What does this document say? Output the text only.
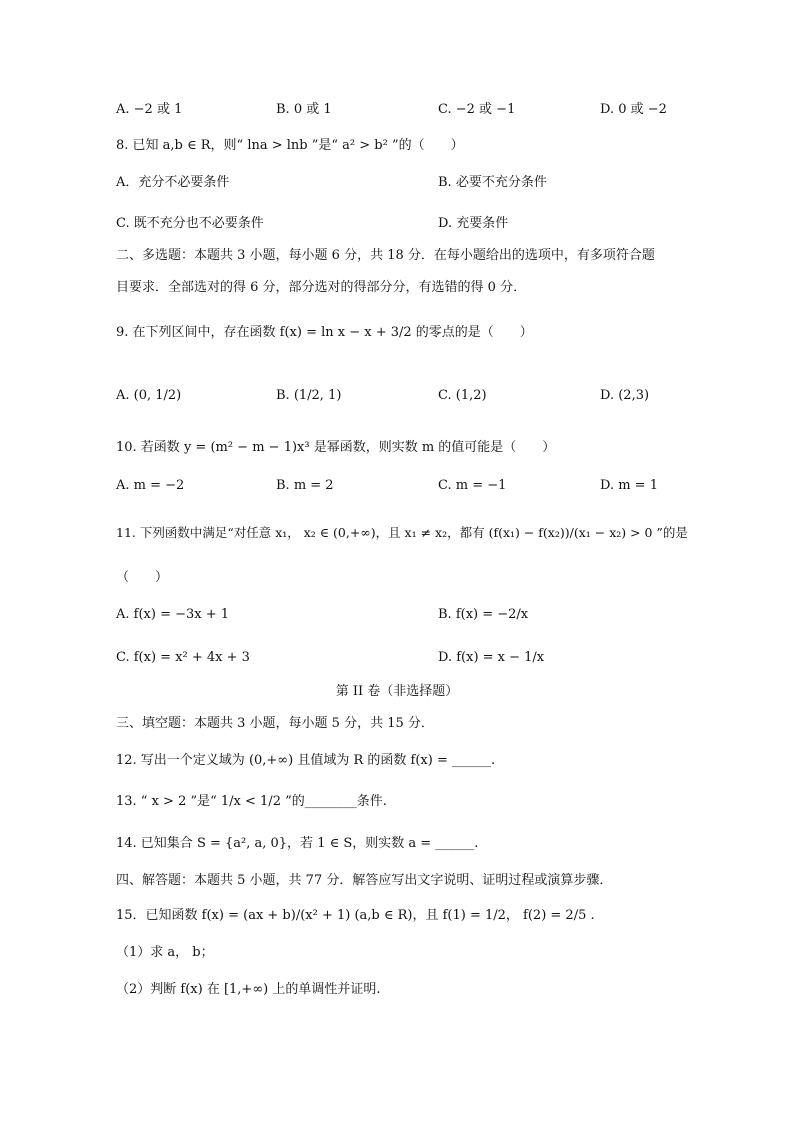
A. −2 或 1	B. 0 或 1	C. −2 或 −1	D. 0 或 −2
8. 已知 a,b ∈ R，则“ lna > lnb ”是“ a² > b² ”的（　　）
A．充分不必要条件	B. 必要不充分条件
C. 既不充分也不必要条件	D. 充要条件
二、多选题：本题共 3 小题，每小题 6 分，共 18 分．在每小题给出的选项中，有多项符合题
目要求．全部选对的得 6 分，部分选对的得部分分，有选错的得 0 分．
9. 在下列区间中，存在函数 f(x) = ln x − x + 3/2 的零点的是（　　）
A. (0, 1/2)	B. (1/2, 1)	C. (1,2)	D. (2,3)
10. 若函数 y = (m² − m − 1)x³ 是幂函数，则实数 m 的值可能是（　　）
A. m = −2	B. m = 2	C. m = −1	D. m = 1
11. 下列函数中满足“对任意 x₁， x₂ ∈ (0,+∞)，且 x₁ ≠ x₂，都有 (f(x₁) − f(x₂))/(x₁ − x₂) > 0 ”的是
（　　）
A. f(x) = −3x + 1	B. f(x) = −2/x
C. f(x) = x² + 4x + 3	D. f(x) = x − 1/x
第 II 卷（非选择题）
三、填空题：本题共 3 小题，每小题 5 分，共 15 分．
12. 写出一个定义域为 (0,+∞) 且值域为 R 的函数 f(x) = ______.
13. “ x > 2 ”是“ 1/x < 1/2 ”的________条件.
14. 已知集合 S = {a², a, 0}，若 1 ∈ S，则实数 a = ______.
四、解答题：本题共 5 小题，共 77 分．解答应写出文字说明、证明过程或演算步骤．
15．已知函数 f(x) = (ax + b)/(x² + 1) (a,b ∈ R)，且 f(1) = 1/2， f(2) = 2/5 .
（1）求 a， b；
（2）判断 f(x) 在 [1,+∞) 上的单调性并证明.
